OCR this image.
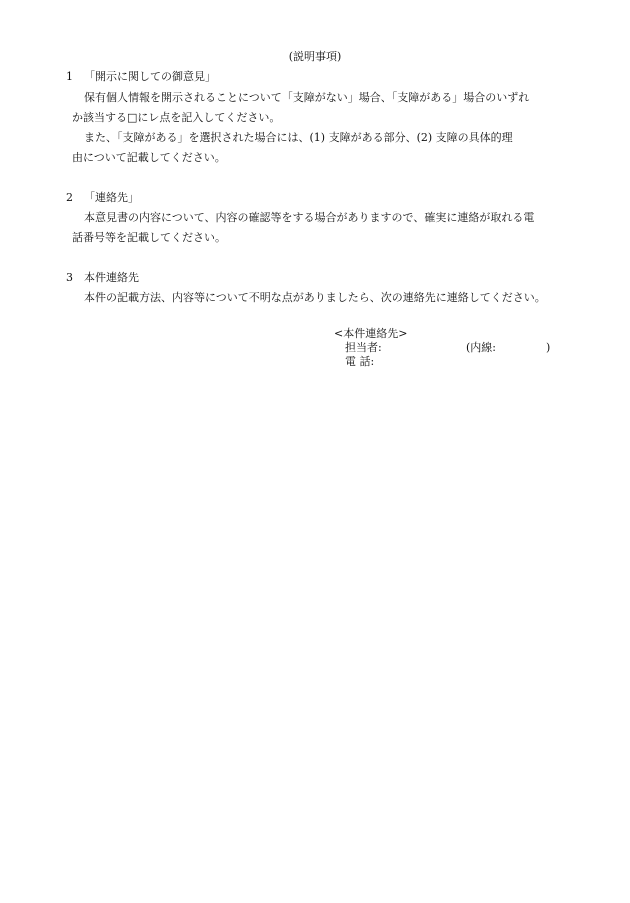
(説明事項)
1 「開示に関しての御意見」
保有個人情報を開示されることについて「支障がない」場合、「支障がある」場合のいずれ
か該当する□にレ点を記入してください。
また、「支障がある」を選択された場合には、(1) 支障がある部分、(2) 支障の具体的理
由について記載してください。
2 「連絡先」
本意見書の内容について、内容の確認等をする場合がありますので、確実に連絡が取れる電
話番号等を記載してください。
3 本件連絡先
本件の記載方法、内容等について不明な点がありましたら、次の連絡先に連絡してください。
<本件連絡先>
担当者:	(内線:	)
電 話:
